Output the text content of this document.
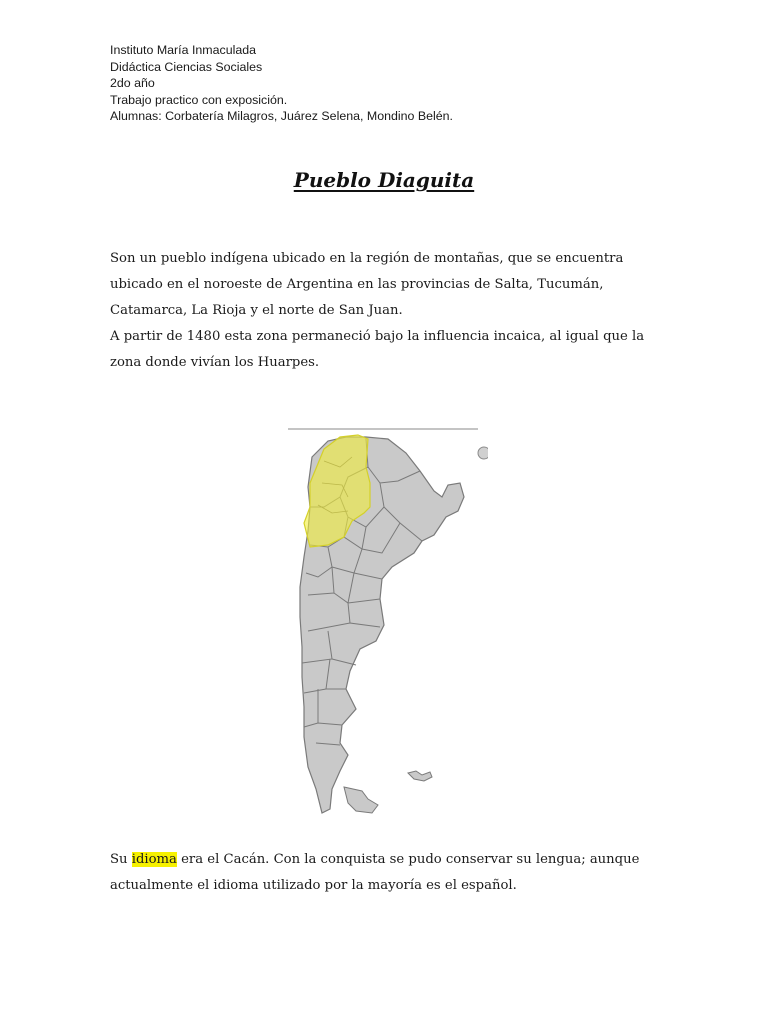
Instituto María Inmaculada
Didáctica Ciencias Sociales
2do año
Trabajo practico con exposición.
Alumnas: Corbatería Milagros, Juárez Selena, Mondino Belén.
Pueblo Diaguita
Son un pueblo indígena ubicado en la región de montañas, que se encuentra
ubicado en el noroeste de Argentina en las provincias de Salta, Tucumán,
Catamarca, La Rioja y el norte de San Juan.
A partir de 1480 esta zona permaneció bajo la influencia incaica, al igual que la
zona donde vivían los Huarpes.
Su idioma era el Cacán. Con la conquista se pudo conservar su lengua; aunque
actualmente el idioma utilizado por la mayoría es el español.
